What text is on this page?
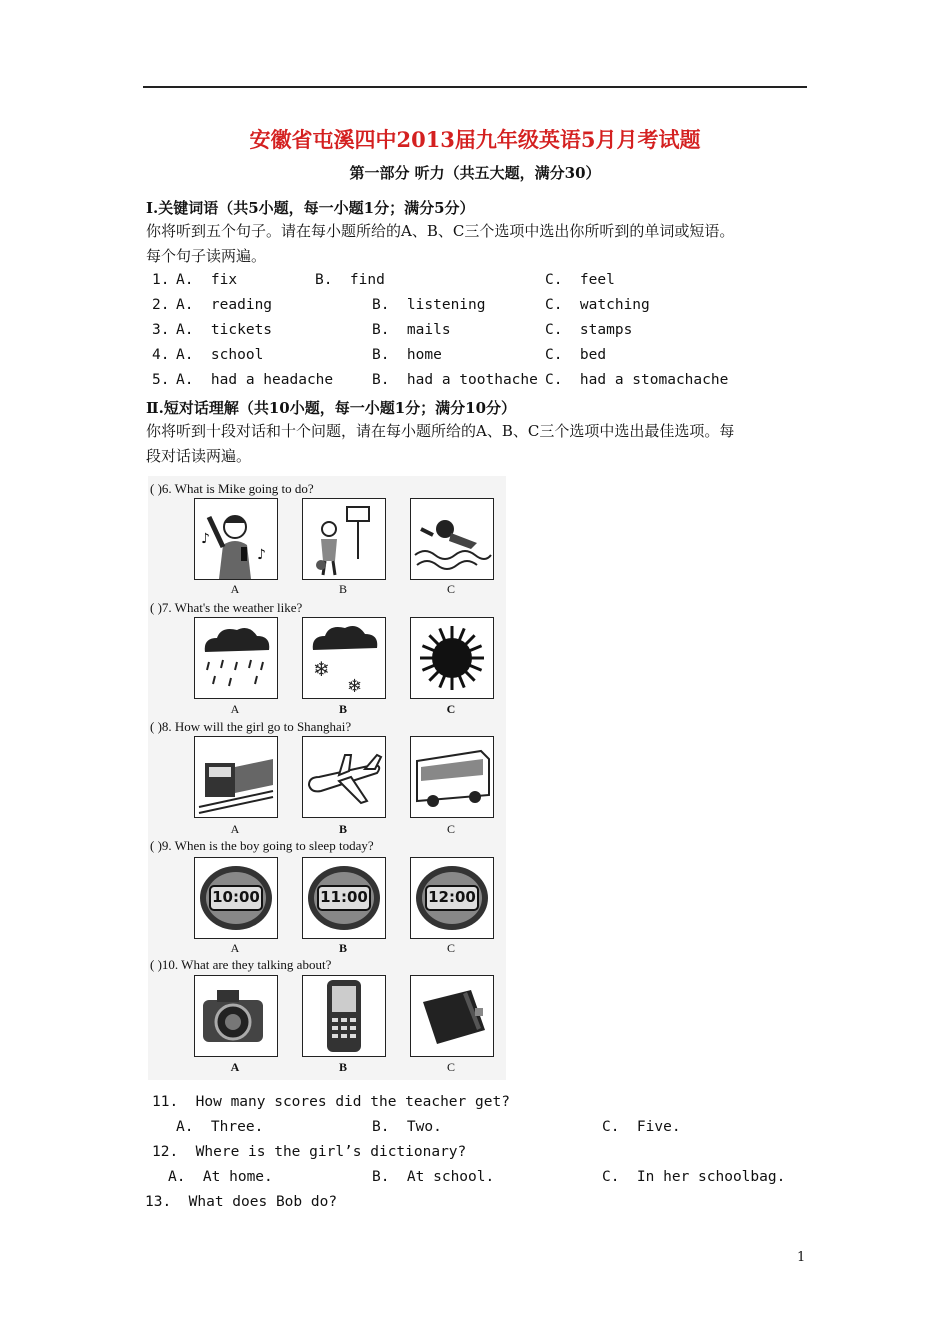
安徽省屯溪四中2013届九年级英语5月月考试题
第一部分 听力（共五大题，满分30）
Ⅰ.关键词语（共5小题，每一小题1分；满分5分）
你将听到五个句子。请在每小题所给的A、B、C三个选项中选出你所听到的单词或短语。
每个句子读两遍。
1. A.  fix	B.  find	C.  feel
2. A.  reading	B.  listening	C.  watching
3. A.  tickets	B.  mails	C.  stamps
4. A.  school	B.  home	C.  bed
5. A.  had a headache	B.  had a toothache C.  had a stomachache
Ⅱ.短对话理解（共10小题，每一小题1分；满分10分）
你将听到十段对话和十个问题，请在每小题所给的A、B、C三个选项中选出最佳选项。每
段对话读两遍。
( )6. What is Mike going to do?
♪
♪
A	B	C
( )7. What's the weather like?
❄
❄
A	B	C
( )8. How will the girl go to Shanghai?
A	B	C
( )9. When is the boy going to sleep today?
10:00	11:00	12:00
A	B	C
( )10. What are they talking about?
A	B	C
11.  How many scores did the teacher get?
A.  Three.	B.  Two.	C.  Five.
12.  Where is the girl’s dictionary?
A.  At home.	B.  At school.	C.  In her schoolbag.
13.  What does Bob do?
1
